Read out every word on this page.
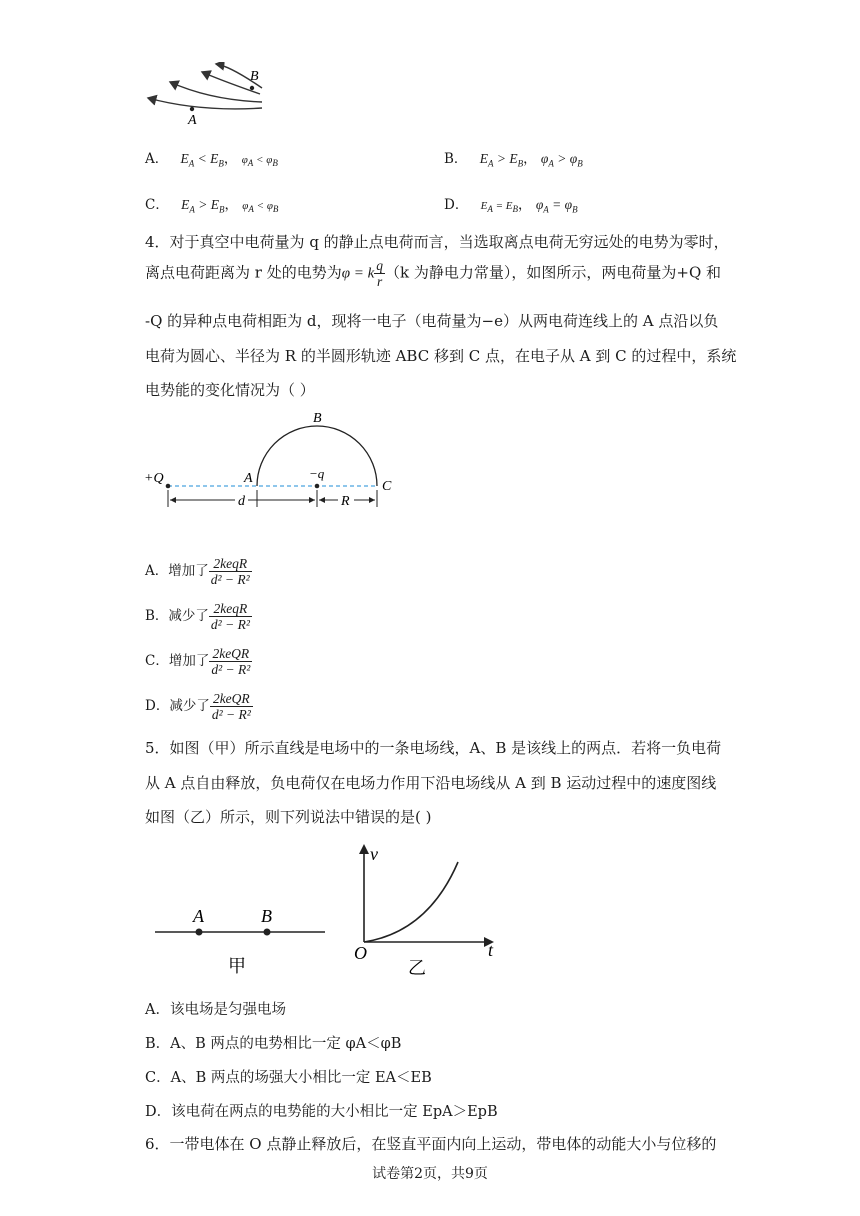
B
A
A． $E_A < E_B$， $\varphi_A < \varphi_B$	B． $E_A > E_B$， $\varphi_A > \varphi_B$
C． $E_A > E_B$， $\varphi_A < \varphi_B$	D． $E_A = E_B$， $\varphi_A = \varphi_B$
4．对于真空中电荷量为 q 的静止点电荷而言，当选取离点电荷无穷远处的电势为零时，
离点电荷距离为 r 处的电势为φ = k $\frac{q}{r} (k$ 为静电力常量），如图所示，两电荷量为+Q 和
-Q 的异种点电荷相距为 d，现将一电子（电荷量为−e）从两电荷连线上的 A 点沿以负
电荷为圆心、半径为 R 的半圆形轨迹 ABC 移到 C 点，在电子从 A 到 C 的过程中，系统
电势能的变化情况为（ ）
+Q	A
B
−q
C
d	R
A．增加了 $\frac{\text{2keqR}}{\text{d² − R²}}$
B．减少了 $\frac{\text{2keqR}}{\text{d² − R²}}$
C．增加了 $\frac{\text{2keQR}}{\text{d² − R²}}$
D．减少了 $\frac{\text{2keQR}}{\text{d² − R²}}$
5．如图（甲）所示直线是电场中的一条电场线，A、B 是该线上的两点．若将一负电荷
从 A 点自由释放，负电荷仅在电场力作用下沿电场线从 A 到 B 运动过程中的速度图线
如图（乙）所示，则下列说法中错误的是( )
A	B
甲
v
t
O
乙
A．该电场是匀强电场
B．A、B 两点的电势相比一定 φA＜φB
C．A、B 两点的场强大小相比一定 EA＜EB
D．该电荷在两点的电势能的大小相比一定 EpA＞EpB
6．一带电体在 O 点静止释放后，在竖直平面内向上运动，带电体的动能大小与位移的
试卷第2页，共9页
